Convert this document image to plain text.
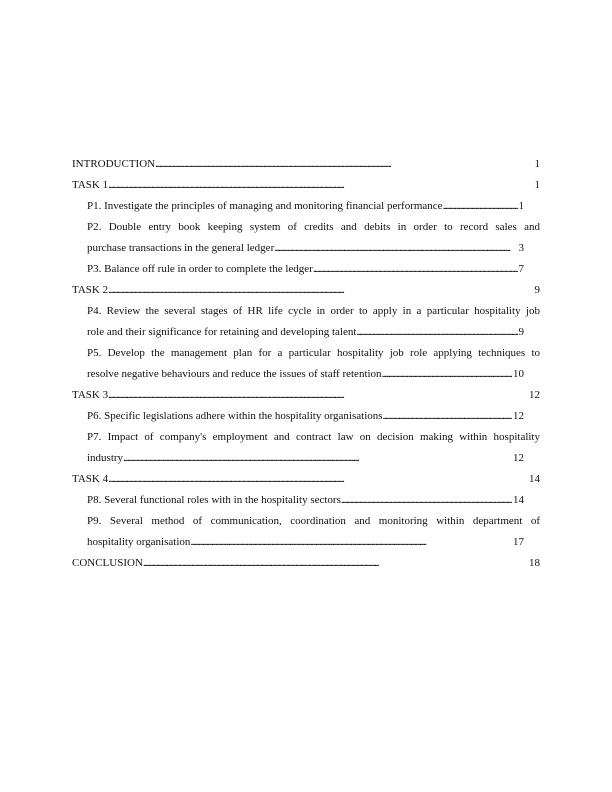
INTRODUCTION . . .	1
TASK 1 . . .	1
P1. Investigate the principles of managing and monitoring financial performance . . .	1
P2. Double entry book keeping system of credits and debits in order to record sales and
purchase transactions in the general ledger . . .	3
P3. Balance off rule in order to complete the ledger . . .	7
TASK 2 . . .	9
P4. Review the several stages of HR life cycle in order to apply in a particular hospitality job
role and their significance for retaining and developing talent . . .	9
P5. Develop the management plan for a particular hospitality job role applying techniques to
resolve negative behaviours and reduce the issues of staff retention . . .	10
TASK 3 . . .	12
P6. Specific legislations adhere within the hospitality organisations . . .	12
P7. Impact of company's employment and contract law on decision making within hospitality
industry . . .	12
TASK 4 . . .	14
P8. Several functional roles with in the hospitality sectors . . .	14
P9. Several method of communication, coordination and monitoring within department of
hospitality organisation . . .	17
CONCLUSION . . .	18
